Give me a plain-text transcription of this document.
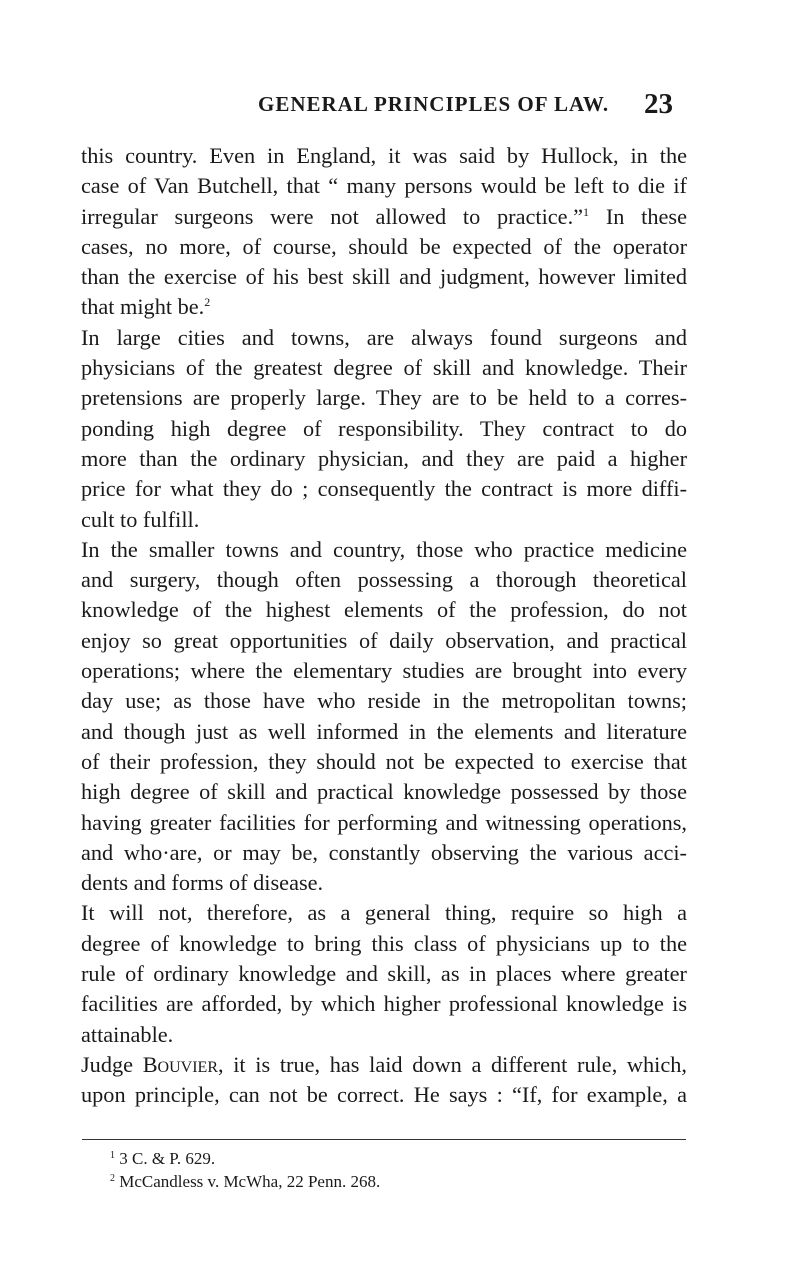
GENERAL PRINCIPLES OF LAW.	23
this country. Even in England, it was said by Hullock, in the
case of Van Butchell, that “ many persons would be left to die if
irregular surgeons were not allowed to practice.”$^1$ In these
cases, no more, of course, should be expected of the operator
than the exercise of his best skill and judgment, however limited
that might be.$^2$
In large cities and towns, are always found surgeons and
physicians of the greatest degree of skill and knowledge. Their
pretensions are properly large. They are to be held to a corres-
ponding high degree of responsibility. They contract to do
more than the ordinary physician, and they are paid a higher
price for what they do ; consequently the contract is more diffi-
cult to fulfill.
In the smaller towns and country, those who practice medicine
and surgery, though often possessing a thorough theoretical
knowledge of the highest elements of the profession, do not
enjoy so great opportunities of daily observation, and practical
operations; where the elementary studies are brought into every
day use; as those have who reside in the metropolitan towns;
and though just as well informed in the elements and literature
of their profession, they should not be expected to exercise that
high degree of skill and practical knowledge possessed by those
having greater facilities for performing and witnessing operations,
and who·are, or may be, constantly observing the various acci-
dents and forms of disease.
It will not, therefore, as a general thing, require so high a
degree of knowledge to bring this class of physicians up to the
rule of ordinary knowledge and skill, as in places where greater
facilities are afforded, by which higher professional knowledge is
attainable.
Judge Bouvier, it is true, has laid down a different rule, which,
upon principle, can not be correct. He says : “If, for example, a
$^1$ 3 C. & P. 629.
$^2$ McCandless v. McWha, 22 Penn. 268.
